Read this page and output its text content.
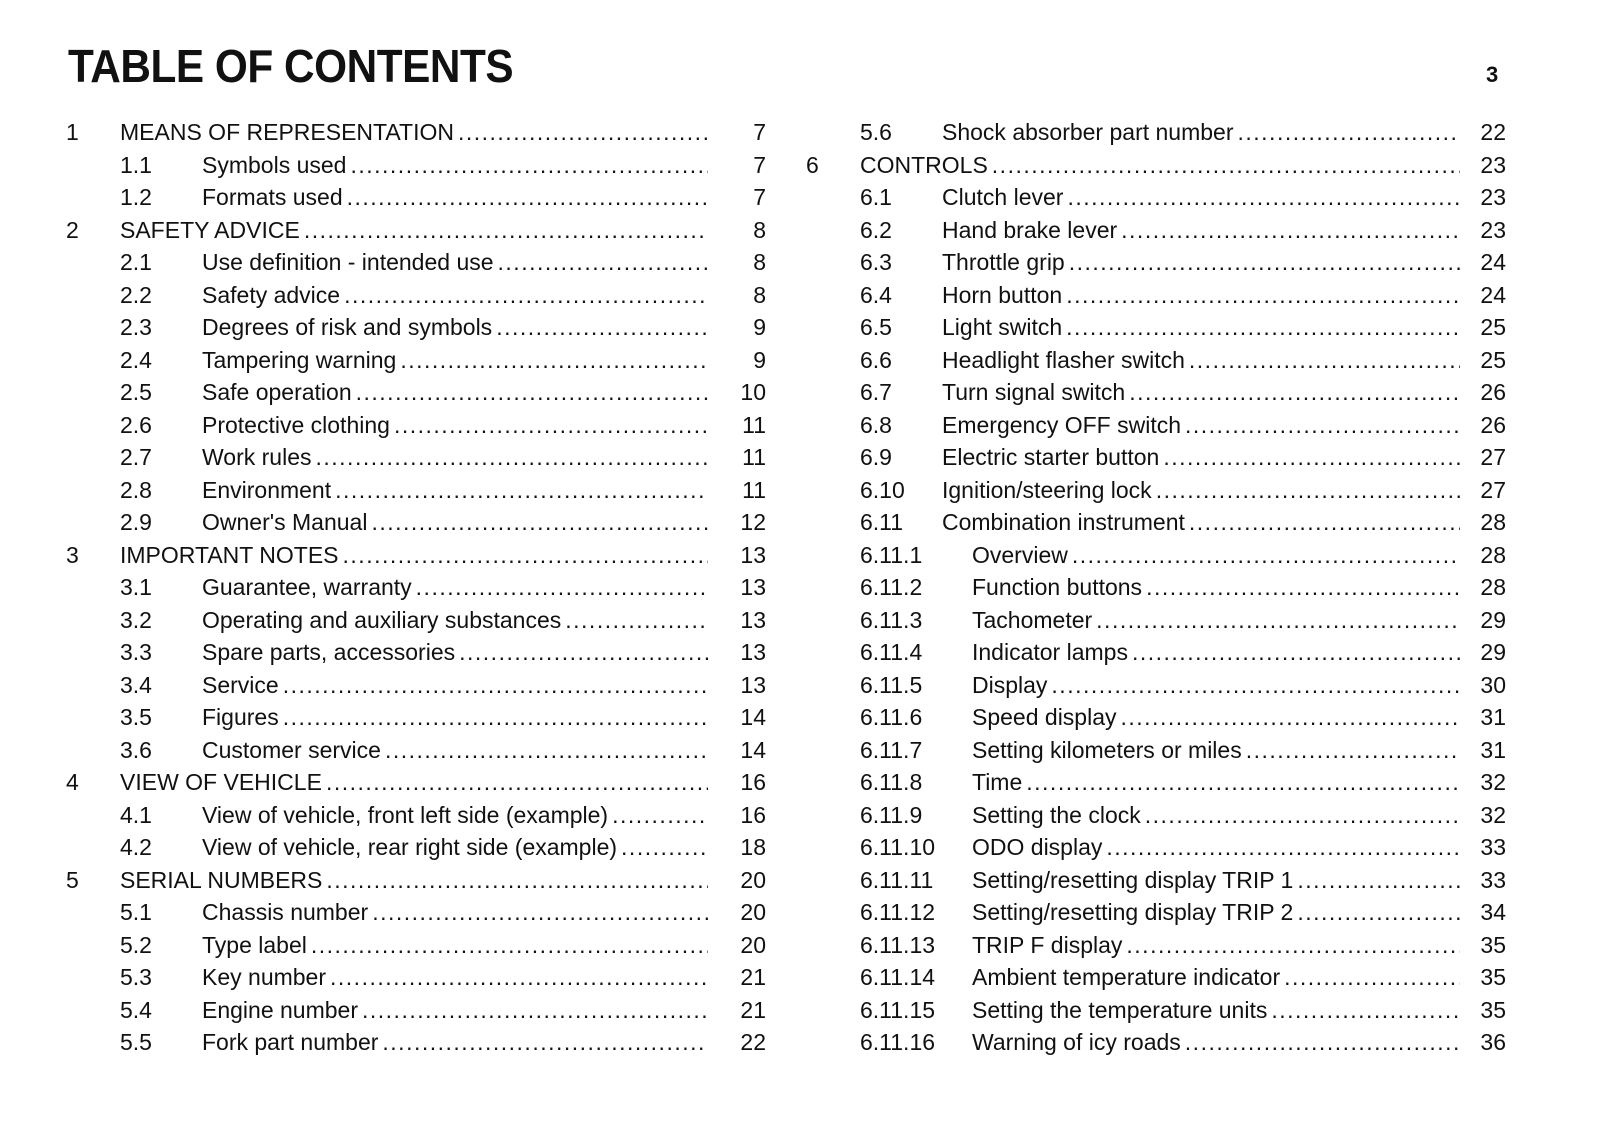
TABLE OF CONTENTS	3
1	MEANS OF REPRESENTATION .....	7
1.1	Symbols used .....	7
1.2	Formats used .....	7
2	SAFETY ADVICE .....	8
2.1	Use definition - intended use .....	8
2.2	Safety advice .....	8
2.3	Degrees of risk and symbols .....	9
2.4	Tampering warning .....	9
2.5	Safe operation .....	10
2.6	Protective clothing .....	11
2.7	Work rules .....	11
2.8	Environment .....	11
2.9	Owner's Manual .....	12
3	IMPORTANT NOTES .....	13
3.1	Guarantee, warranty .....	13
3.2	Operating and auxiliary substances .....	13
3.3	Spare parts, accessories .....	13
3.4	Service .....	13
3.5	Figures .....	14
3.6	Customer service .....	14
4	VIEW OF VEHICLE .....	16
4.1	View of vehicle, front left side (example) .....	16
4.2	View of vehicle, rear right side (example) .....	18
5	SERIAL NUMBERS .....	20
5.1	Chassis number .....	20
5.2	Type label .....	20
5.3	Key number .....	21
5.4	Engine number .....	21
5.5	Fork part number .....	22
5.6	Shock absorber part number .....	22
6	CONTROLS .....	23
6.1	Clutch lever .....	23
6.2	Hand brake lever .....	23
6.3	Throttle grip .....	24
6.4	Horn button .....	24
6.5	Light switch .....	25
6.6	Headlight flasher switch .....	25
6.7	Turn signal switch .....	26
6.8	Emergency OFF switch .....	26
6.9	Electric starter button .....	27
6.10	Ignition/steering lock .....	27
6.11	Combination instrument .....	28
6.11.1	Overview .....	28
6.11.2	Function buttons .....	28
6.11.3	Tachometer .....	29
6.11.4	Indicator lamps .....	29
6.11.5	Display .....	30
6.11.6	Speed display .....	31
6.11.7	Setting kilometers or miles .....	31
6.11.8	Time .....	32
6.11.9	Setting the clock .....	32
6.11.10	ODO display .....	33
6.11.11	Setting/resetting display TRIP 1 .....	33
6.11.12	Setting/resetting display TRIP 2 .....	34
6.11.13	TRIP F display .....	35
6.11.14	Ambient temperature indicator .....	35
6.11.15	Setting the temperature units .....	35
6.11.16	Warning of icy roads .....	36
